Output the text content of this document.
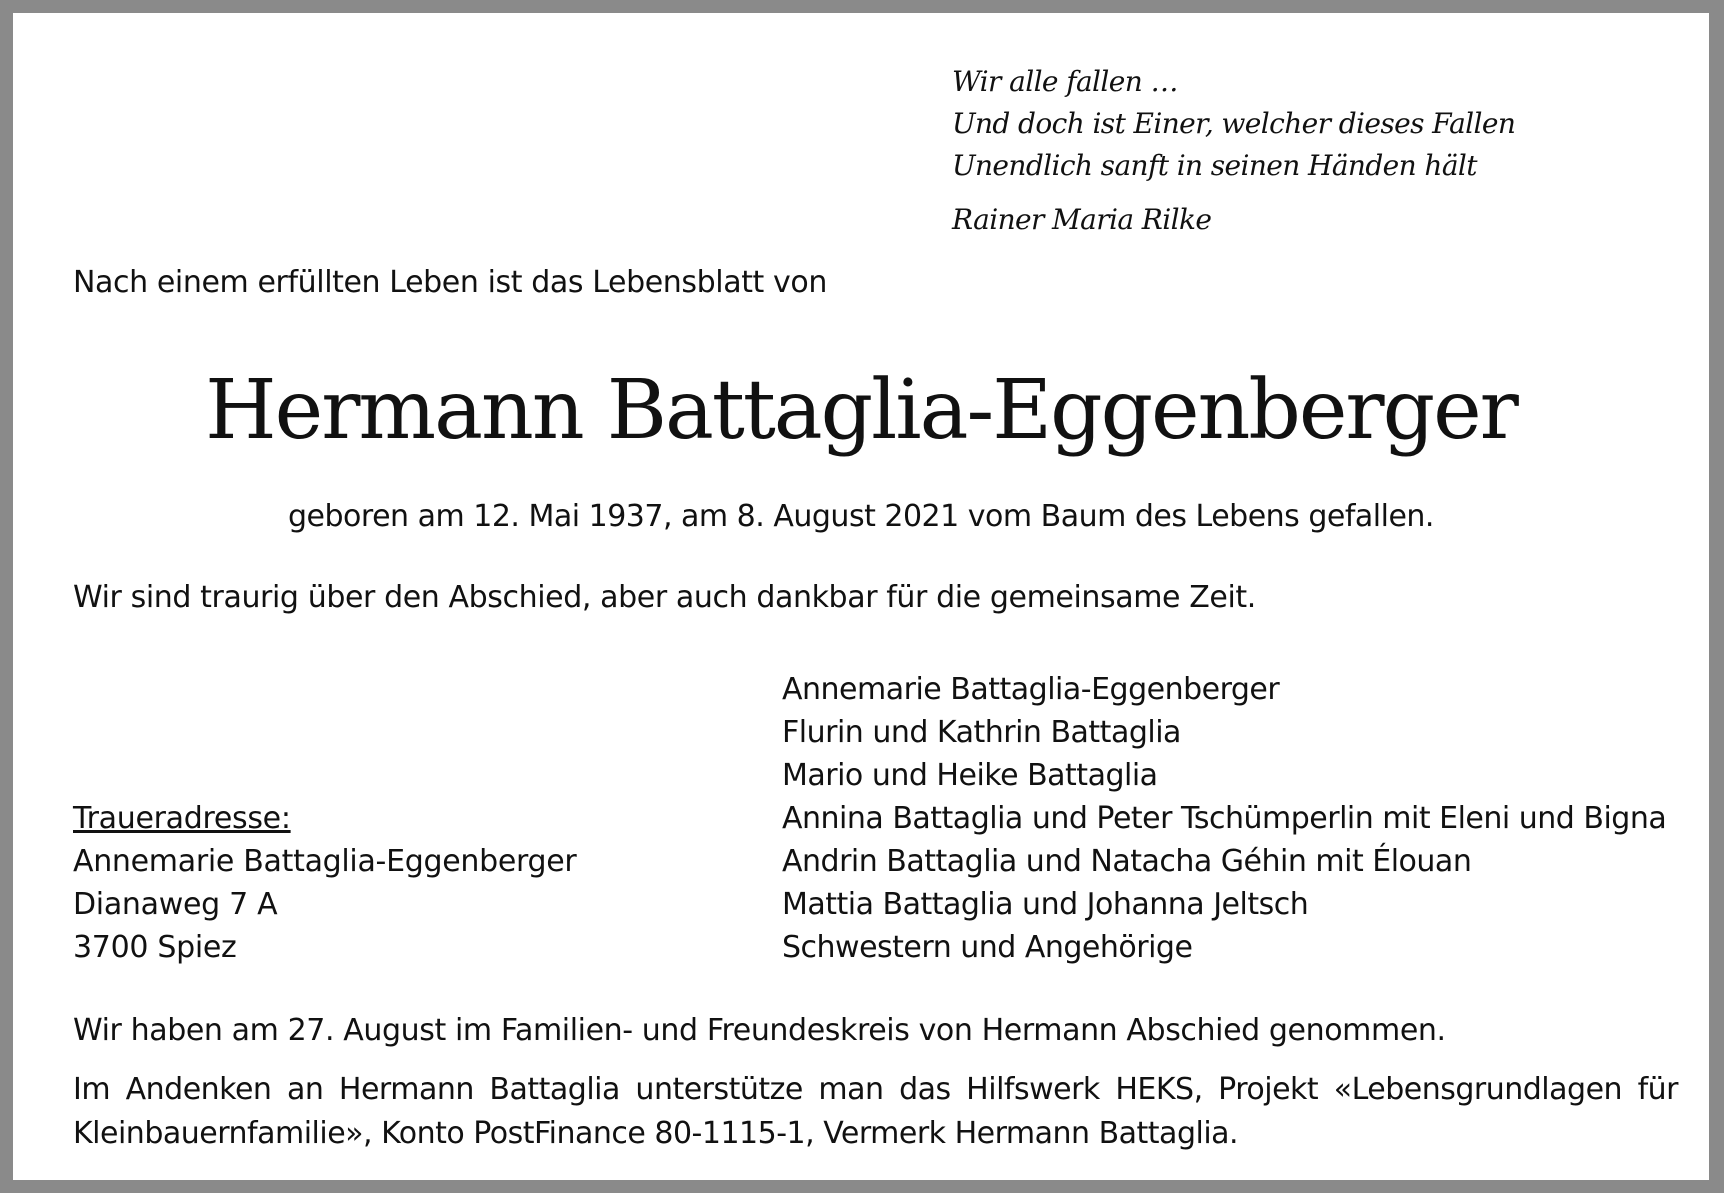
Wir alle fallen …
Und doch ist Einer, welcher dieses Fallen
Unendlich sanft in seinen Händen hält
Rainer Maria Rilke
Nach einem erfüllten Leben ist das Lebensblatt von
Hermann Battaglia-Eggenberger
geboren am 12. Mai 1937, am 8. August 2021 vom Baum des Lebens gefallen.
Wir sind traurig über den Abschied, aber auch dankbar für die gemeinsame Zeit.
Traueradresse:
Annemarie Battaglia-Eggenberger
Dianaweg 7 A
3700 Spiez
Annemarie Battaglia-Eggenberger
Flurin und Kathrin Battaglia
Mario und Heike Battaglia
Annina Battaglia und Peter Tschümperlin mit Eleni und Bigna
Andrin Battaglia und Natacha Géhin mit Élouan
Mattia Battaglia und Johanna Jeltsch
Schwestern und Angehörige
Wir haben am 27. August im Familien- und Freundeskreis von Hermann Abschied genommen.
Im Andenken an Hermann Battaglia unterstütze man das Hilfswerk HEKS, Projekt «Lebensgrundlagen für Kleinbauernfamilie», Konto PostFinance 80-1115-1, Vermerk Hermann Battaglia.
